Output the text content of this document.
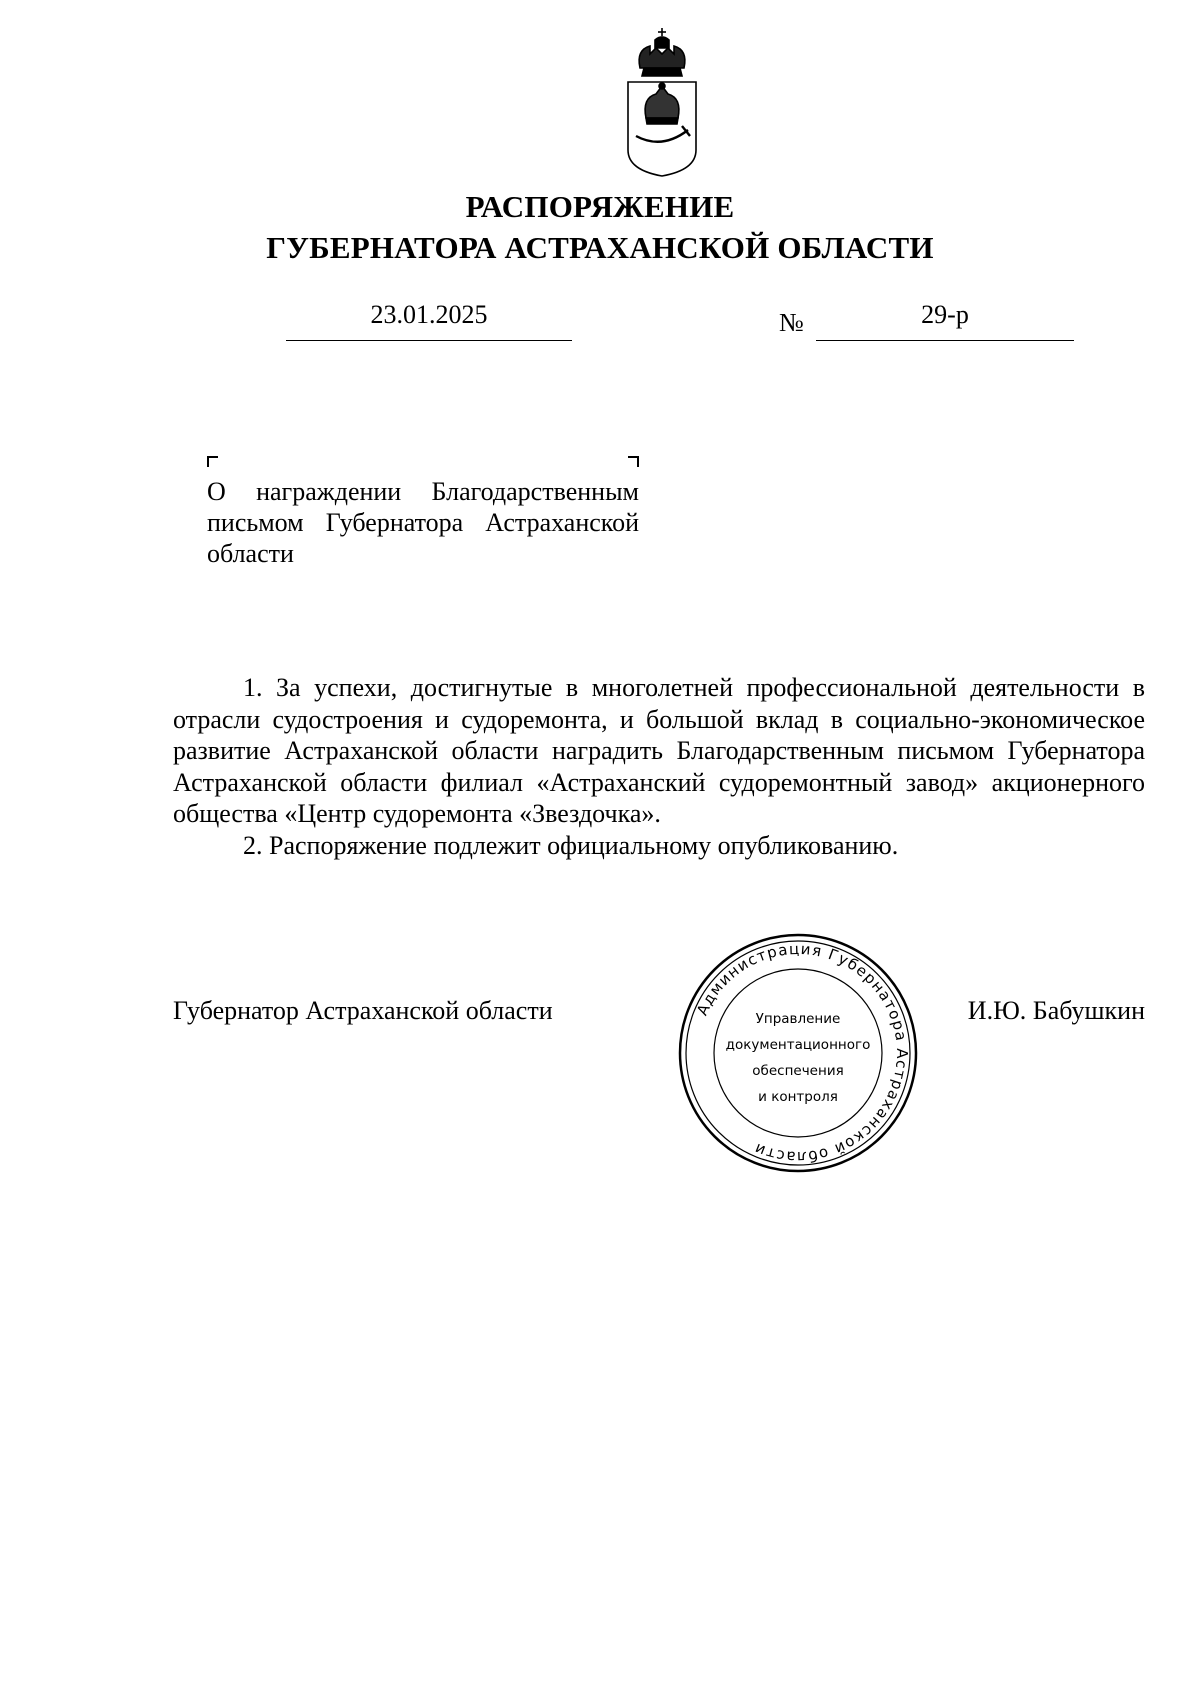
РАСПОРЯЖЕНИЕ
ГУБЕРНАТОРА АСТРАХАНСКОЙ ОБЛАСТИ
23.01.2025	№	29-р
О награждении Благодарственным письмом Губернатора Астраханской области

1. За успехи, достигнутые в многолетней профессиональной деятельности в отрасли судостроения и судоремонта, и большой вклад в социально-экономическое развитие Астраханской области наградить Благодарственным письмом Губернатора Астраханской области филиал «Астраханский судоремонтный завод» акционерного общества «Центр судоремонта «Звездочка».

2. Распоряжение подлежит официальному опубликованию.

Губернатор Астраханской области	И.Ю. Бабушкин
Администрация Губернатора Астраханской области
Управление
документационного
обеспечения
и контроля
